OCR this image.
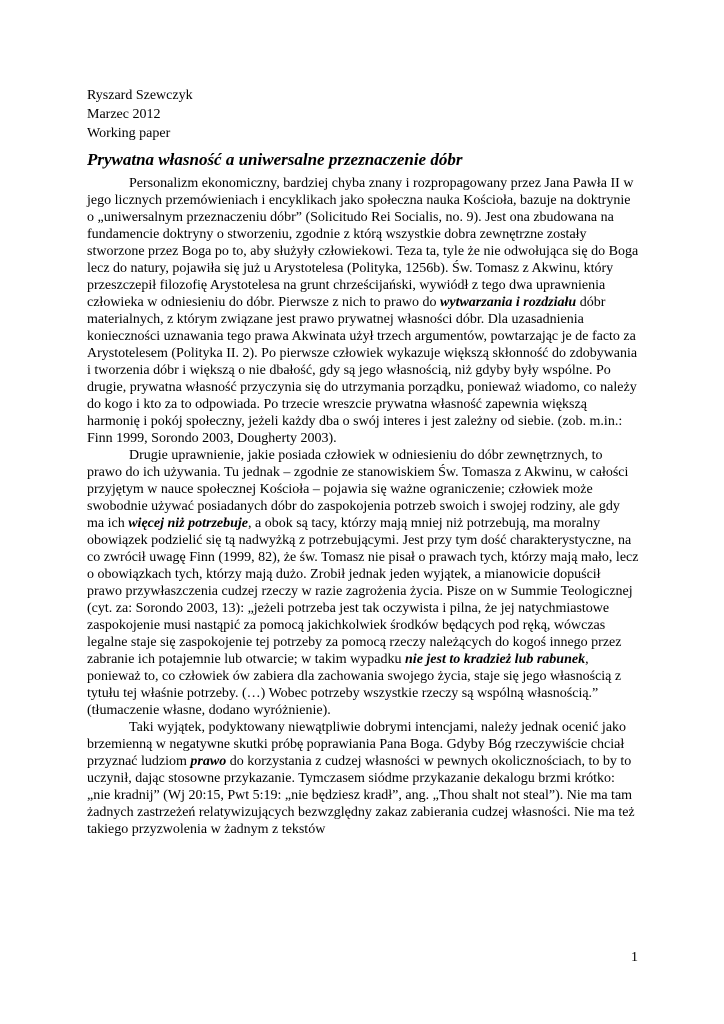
Ryszard Szewczyk
Marzec 2012
Working paper
Prywatna własność a uniwersalne przeznaczenie dóbr

Personalizm ekonomiczny, bardziej chyba znany i rozpropagowany przez Jana Pawła II w jego licznych przemówieniach i encyklikach jako społeczna nauka Kościoła, bazuje na doktrynie o „uniwersalnym przeznaczeniu dóbr” (Solicitudo Rei Socialis, no. 9). Jest ona zbudowana na fundamencie doktryny o stworzeniu, zgodnie z którą wszystkie dobra zewnętrzne zostały stworzone przez Boga po to, aby służyły człowiekowi. Teza ta, tyle że nie odwołująca się do Boga lecz do natury, pojawiła się już u Arystotelesa (Polityka, 1256b). Św. Tomasz z Akwinu, który przeszczepił filozofię Arystotelesa na grunt chrześcijański, wywiódł z tego dwa uprawnienia człowieka w odniesieniu do dóbr. Pierwsze z nich to prawo do wytwarzania i rozdziału dóbr materialnych, z którym związane jest prawo prywatnej własności dóbr. Dla uzasadnienia konieczności uznawania tego prawa Akwinata użył trzech argumentów, powtarzając je de facto za Arystotelesem (Polityka II. 2). Po pierwsze człowiek wykazuje większą skłonność do zdobywania i tworzenia dóbr i większą o nie dbałość, gdy są jego własnością, niż gdyby były wspólne. Po drugie, prywatna własność przyczynia się do utrzymania porządku, ponieważ wiadomo, co należy do kogo i kto za to odpowiada. Po trzecie wreszcie prywatna własność zapewnia większą harmonię i pokój społeczny, jeżeli każdy dba o swój interes i jest zależny od siebie. (zob. m.in.: Finn 1999, Sorondo 2003, Dougherty 2003).

Drugie uprawnienie, jakie posiada człowiek w odniesieniu do dóbr zewnętrznych, to prawo do ich używania. Tu jednak – zgodnie ze stanowiskiem Św. Tomasza z Akwinu, w całości przyjętym w nauce społecznej Kościoła – pojawia się ważne ograniczenie; człowiek może swobodnie używać posiadanych dóbr do zaspokojenia potrzeb swoich i swojej rodziny, ale gdy ma ich więcej niż potrzebuje, a obok są tacy, którzy mają mniej niż potrzebują, ma moralny obowiązek podzielić się tą nadwyżką z potrzebującymi. Jest przy tym dość charakterystyczne, na co zwrócił uwagę Finn (1999, 82), że św. Tomasz nie pisał o prawach tych, którzy mają mało, lecz o obowiązkach tych, którzy mają dużo. Zrobił jednak jeden wyjątek, a mianowicie dopuścił prawo przywłaszczenia cudzej rzeczy w razie zagrożenia życia. Pisze on w Summie Teologicznej (cyt. za: Sorondo 2003, 13): „jeżeli potrzeba jest tak oczywista i pilna, że jej natychmiastowe zaspokojenie musi nastąpić za pomocą jakichkolwiek środków będących pod ręką, wówczas legalne staje się zaspokojenie tej potrzeby za pomocą rzeczy należących do kogoś innego przez zabranie ich potajemnie lub otwarcie; w takim wypadku nie jest to kradzież lub rabunek, ponieważ to, co człowiek ów zabiera dla zachowania swojego życia, staje się jego własnością z tytułu tej właśnie potrzeby. (…) Wobec potrzeby wszystkie rzeczy są wspólną własnością.” (tłumaczenie własne, dodano wyróżnienie).

Taki wyjątek, podyktowany niewątpliwie dobrymi intencjami, należy jednak ocenić jako brzemienną w negatywne skutki próbę poprawiania Pana Boga. Gdyby Bóg rzeczywiście chciał przyznać ludziom prawo do korzystania z cudzej własności w pewnych okolicznościach, to by to uczynił, dając stosowne przykazanie. Tymczasem siódme przykazanie dekalogu brzmi krótko: „nie kradnij” (Wj 20:15, Pwt 5:19: „nie będziesz kradł”, ang. „Thou shalt not steal”). Nie ma tam żadnych zastrzeżeń relatywizujących bezwzględny zakaz zabierania cudzej własności. Nie ma też takiego przyzwolenia w żadnym z tekstów

1
